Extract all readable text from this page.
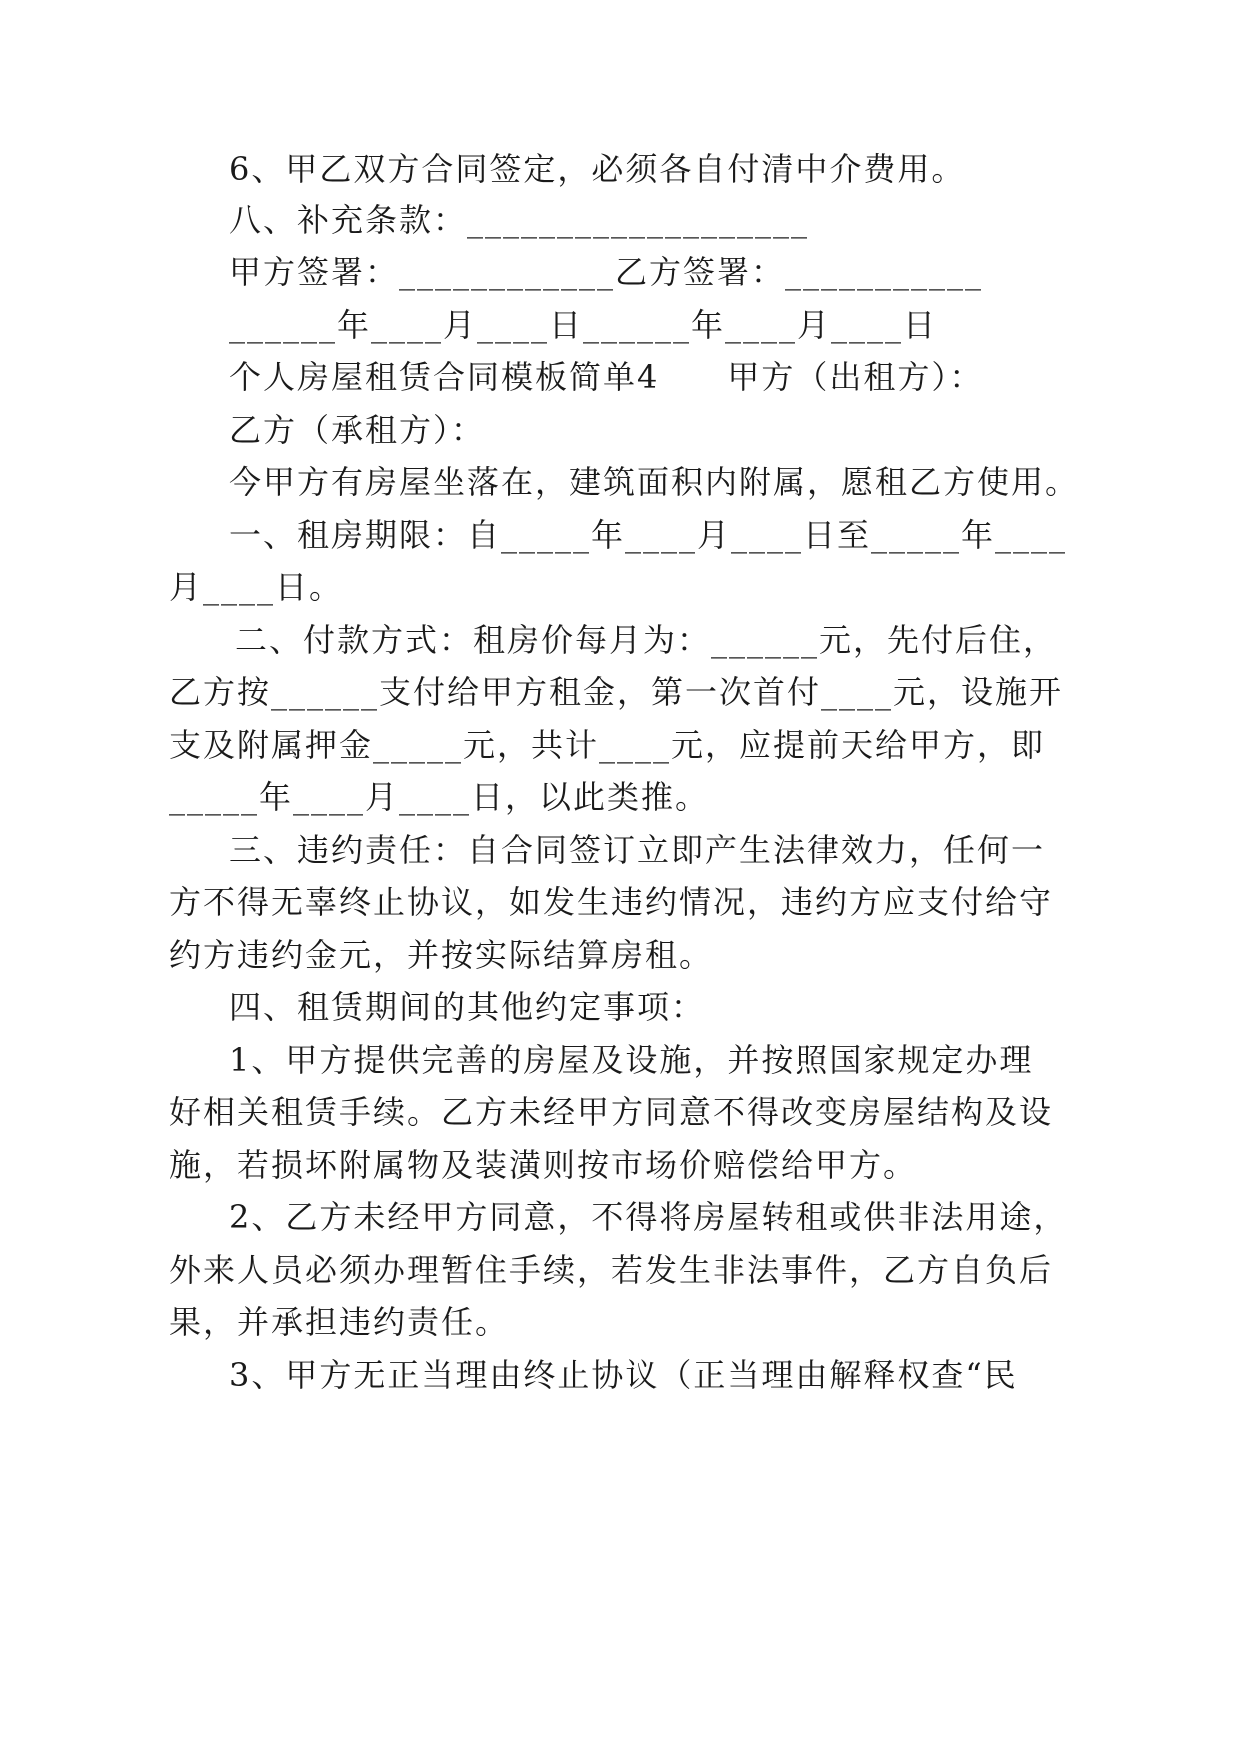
6、甲乙双方合同签定，必须各自付清中介费用。
八、补充条款：___________________
甲方签署：____________乙方签署：___________
______年____月____日______年____月____日
个人房屋租赁合同模板简单4　　甲方（出租方）：
乙方（承租方）：
今甲方有房屋坐落在，建筑面积内附属，愿租乙方使用。
一、租房期限：自_____年____月____日至_____年____
月____日。
二、付款方式：租房价每月为：______元，先付后住，
乙方按______支付给甲方租金，第一次首付____元，设施开
支及附属押金_____元，共计____元，应提前天给甲方，即
_____年____月____日，以此类推。
三、违约责任：自合同签订立即产生法律效力，任何一
方不得无辜终止协议，如发生违约情况，违约方应支付给守
约方违约金元，并按实际结算房租。
四、租赁期间的其他约定事项：
1、甲方提供完善的房屋及设施，并按照国家规定办理
好相关租赁手续。乙方未经甲方同意不得改变房屋结构及设
施，若损坏附属物及装潢则按市场价赔偿给甲方。
2、乙方未经甲方同意，不得将房屋转租或供非法用途，
外来人员必须办理暂住手续，若发生非法事件，乙方自负后
果，并承担违约责任。
3、甲方无正当理由终止协议（正当理由解释权查“民
